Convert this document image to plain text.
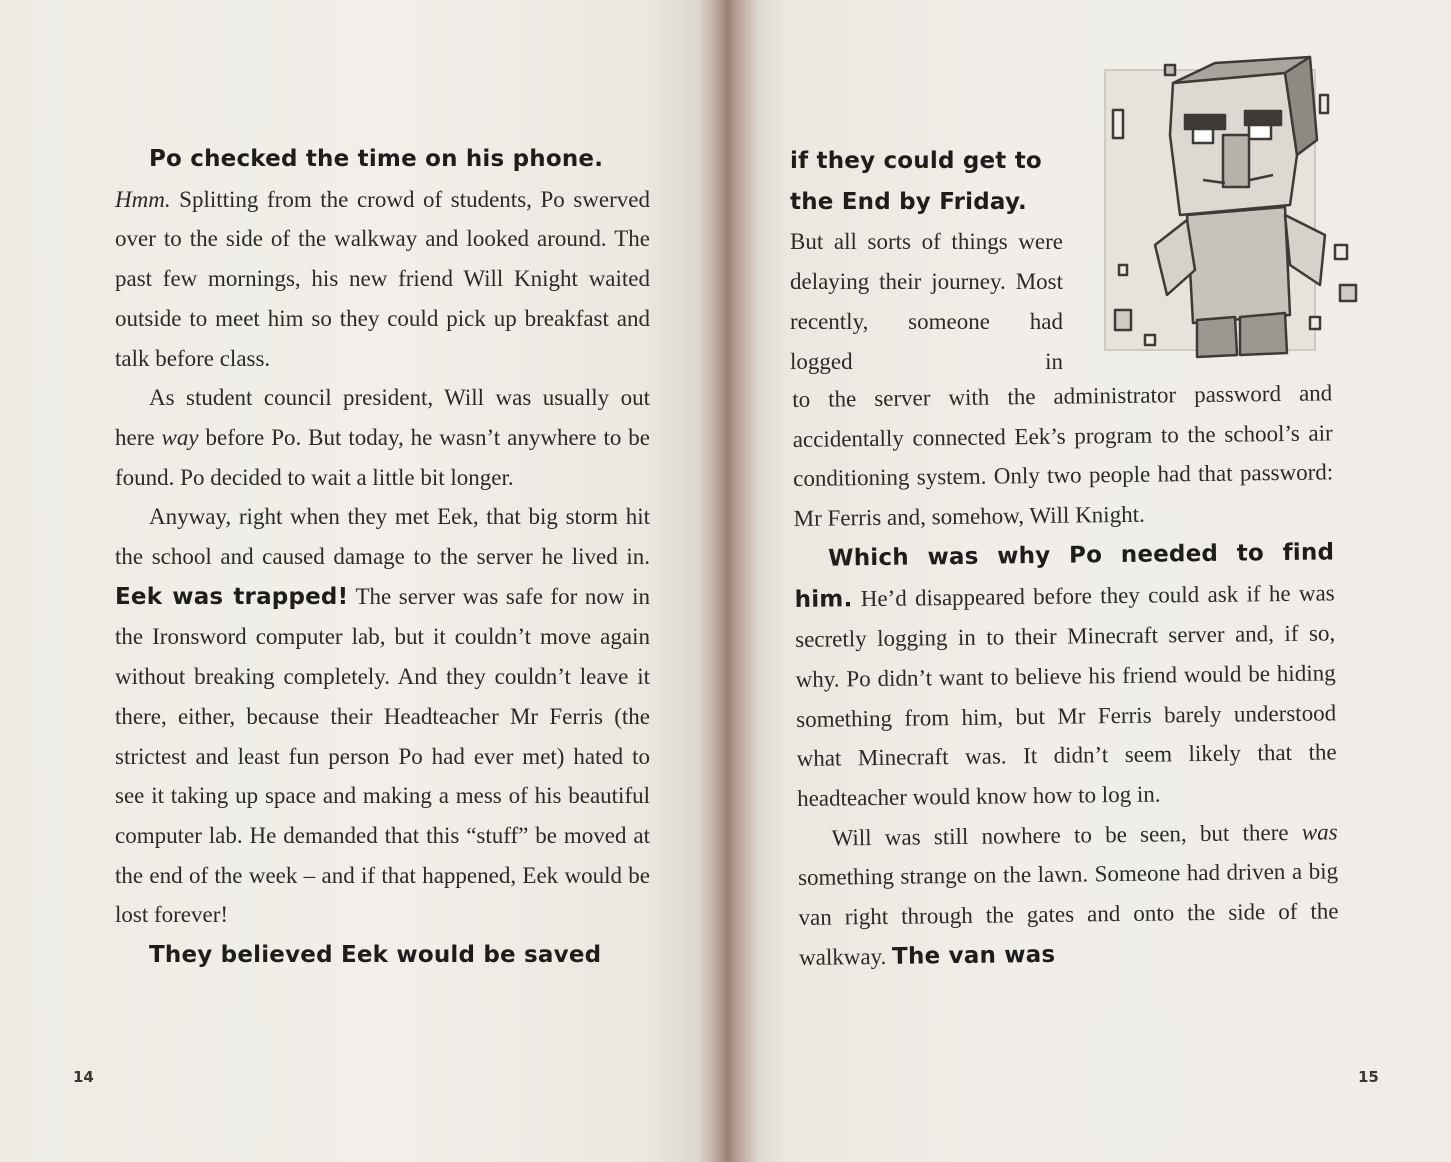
Po checked the time on his phone.
Hmm. Splitting from the crowd of students, Po swerved over to the side of the walkway and looked around. The past few mornings, his new friend Will Knight waited outside to meet him so they could pick up breakfast and talk before class.

As student council president, Will was usually out here way before Po. But today, he wasn’t anywhere to be found. Po decided to wait a little bit longer.

Anyway, right when they met Eek, that big storm hit the school and caused damage to the server he lived in. Eek was trapped! The server was safe for now in the Ironsword computer lab, but it couldn’t move again without breaking completely. And they couldn’t leave it there, either, because their Headteacher Mr Ferris (the strictest and least fun person Po had ever met) hated to see it taking up space and making a mess of his beautiful computer lab. He demanded that this “stuff” be moved at the end of the week – and if that happened, Eek would be lost forever!

They believed Eek would be saved

if they could get to the End by Friday.

But all sorts of things were delaying their journey. Most recently, someone had logged in

to the server with the administrator password and accidentally connected Eek’s program to the school’s air conditioning system. Only two people had that password: Mr Ferris and, somehow, Will Knight.

Which was why Po needed to find him. He’d disappeared before they could ask if he was secretly logging in to their Minecraft server and, if so, why. Po didn’t want to believe his friend would be hiding something from him, but Mr Ferris barely understood what Minecraft was. It didn’t seem likely that the headteacher would know how to log in.

Will was still nowhere to be seen, but there was something strange on the lawn. Someone had driven a big van right through the gates and onto the side of the walkway. The van was

14	15
